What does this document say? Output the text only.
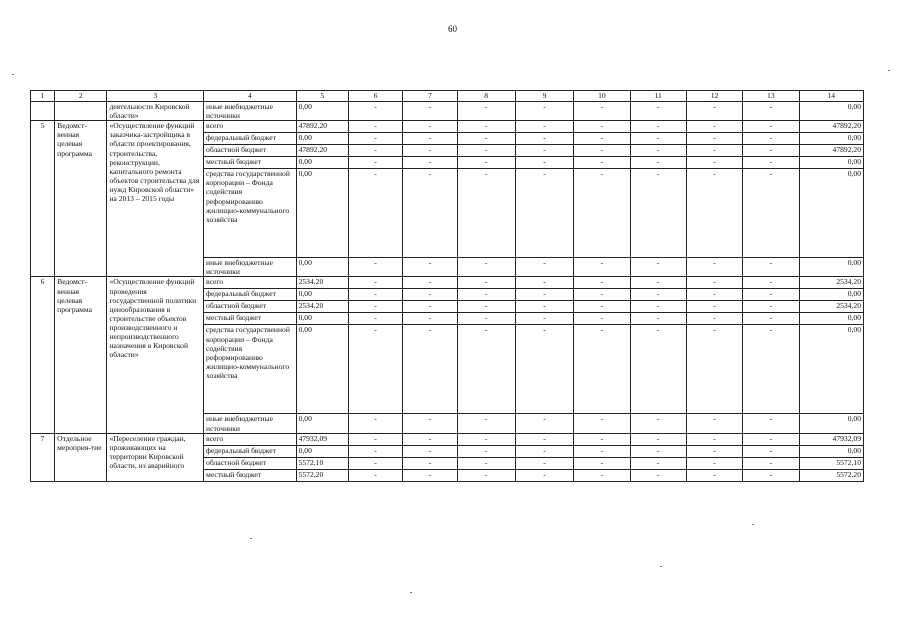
60
1	2	3	4	5	6	7	8	9	10	11	12	13	14
		деятельности Кировской области»	иные внебюджетные источники	0,00	-	-	-	-	-	-	-	-	0,00
5	Ведомст-венная целевая программа	«Осуществление функций заказчика-застройщика в области проектирования, строительства, реконструкции, капитального ремонта объектов строительства для нужд Кировской области» на 2013 – 2015 годы	всего	47892,20	-	-	-	-	-	-	-	-	47892,20
			федеральный бюджет	0,00	-	-	-	-	-	-	-	-	0,00
			областной бюджет	47892,20	-	-	-	-	-	-	-	-	47892,20
			местный бюджет	0,00	-	-	-	-	-	-	-	-	0,00
			средства государственной корпорации – Фонда содействия реформированию жилищно-коммунального хозяйства	0,00	-	-	-	-	-	-	-	-	0,00
			иные внебюджетные источники	0,00	-	-	-	-	-	-	-	-	0,00
6	Ведомст-венная целевая программа	«Осуществление функций проведения государственной политики ценообразования в строительстве объектов производственного и непроизводственного назначения в Кировской области»	всего	2534,20	-	-	-	-	-	-	-	-	2534,20
			федеральный бюджет	0,00	-	-	-	-	-	-	-	-	0,00
			областной бюджет	2534,20	-	-	-	-	-	-	-	-	2534,20
			местный бюджет	0,00	-	-	-	-	-	-	-	-	0,00
			средства государственной корпорации – Фонда содействия реформированию жилищно-коммунального хозяйства	0,00	-	-	-	-	-	-	-	-	0,00
			иные внебюджетные источники	0,00	-	-	-	-	-	-	-	-	0,00
7	Отдельное мероприя-тие	«Переселение граждан, проживающих на территории Кировской области, из аварийного	всего	47932,09	-	-	-	-	-	-	-	-	47932,09
			федеральный бюджет	0,00	-	-	-	-	-	-	-	-	0,00
			областной бюджет	5572,10	-	-	-	-	-	-	-	-	5572,10
			местный бюджет	5572,20	-	-	-	-	-	-	-	-	5572,20
